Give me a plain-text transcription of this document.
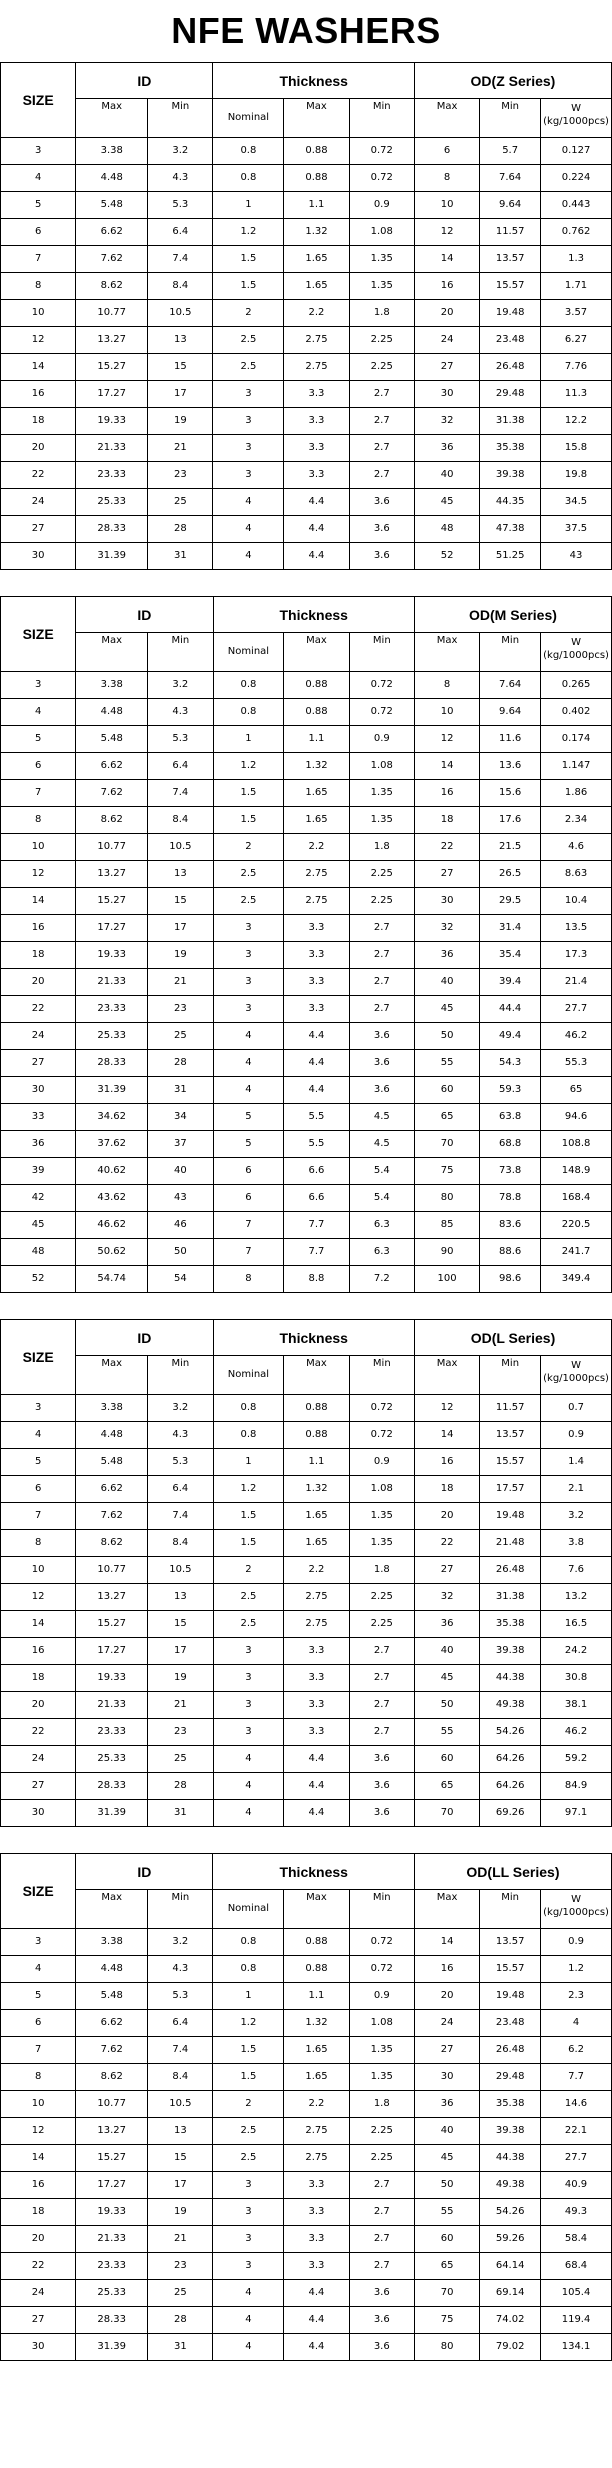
NFE WASHERS
SIZE	ID		Thickness			OD(Z Series)		
	Max	Min	Nominal	Max	Min	Max	Min	W
(kg/1000pcs)

3	3.38	3.2	0.8	0.88	0.72	6	5.7	0.127
4	4.48	4.3	0.8	0.88	0.72	8	7.64	0.224
5	5.48	5.3	1	1.1	0.9	10	9.64	0.443
6	6.62	6.4	1.2	1.32	1.08	12	11.57	0.762
7	7.62	7.4	1.5	1.65	1.35	14	13.57	1.3
8	8.62	8.4	1.5	1.65	1.35	16	15.57	1.71
10	10.77	10.5	2	2.2	1.8	20	19.48	3.57
12	13.27	13	2.5	2.75	2.25	24	23.48	6.27
14	15.27	15	2.5	2.75	2.25	27	26.48	7.76
16	17.27	17	3	3.3	2.7	30	29.48	11.3
18	19.33	19	3	3.3	2.7	32	31.38	12.2
20	21.33	21	3	3.3	2.7	36	35.38	15.8
22	23.33	23	3	3.3	2.7	40	39.38	19.8
24	25.33	25	4	4.4	3.6	45	44.35	34.5
27	28.33	28	4	4.4	3.6	48	47.38	37.5
30	31.39	31	4	4.4	3.6	52	51.25	43
SIZE	ID		Thickness			OD(M Series)		
	Max	Min	Nominal	Max	Min	Max	Min	W
(kg/1000pcs)

3	3.38	3.2	0.8	0.88	0.72	8	7.64	0.265
4	4.48	4.3	0.8	0.88	0.72	10	9.64	0.402
5	5.48	5.3	1	1.1	0.9	12	11.6	0.174
6	6.62	6.4	1.2	1.32	1.08	14	13.6	1.147
7	7.62	7.4	1.5	1.65	1.35	16	15.6	1.86
8	8.62	8.4	1.5	1.65	1.35	18	17.6	2.34
10	10.77	10.5	2	2.2	1.8	22	21.5	4.6
12	13.27	13	2.5	2.75	2.25	27	26.5	8.63
14	15.27	15	2.5	2.75	2.25	30	29.5	10.4
16	17.27	17	3	3.3	2.7	32	31.4	13.5
18	19.33	19	3	3.3	2.7	36	35.4	17.3
20	21.33	21	3	3.3	2.7	40	39.4	21.4
22	23.33	23	3	3.3	2.7	45	44.4	27.7
24	25.33	25	4	4.4	3.6	50	49.4	46.2
27	28.33	28	4	4.4	3.6	55	54.3	55.3
30	31.39	31	4	4.4	3.6	60	59.3	65
33	34.62	34	5	5.5	4.5	65	63.8	94.6
36	37.62	37	5	5.5	4.5	70	68.8	108.8
39	40.62	40	6	6.6	5.4	75	73.8	148.9
42	43.62	43	6	6.6	5.4	80	78.8	168.4
45	46.62	46	7	7.7	6.3	85	83.6	220.5
48	50.62	50	7	7.7	6.3	90	88.6	241.7
52	54.74	54	8	8.8	7.2	100	98.6	349.4
SIZE	ID		Thickness			OD(L Series)		
	Max	Min	Nominal	Max	Min	Max	Min	W
(kg/1000pcs)

3	3.38	3.2	0.8	0.88	0.72	12	11.57	0.7
4	4.48	4.3	0.8	0.88	0.72	14	13.57	0.9
5	5.48	5.3	1	1.1	0.9	16	15.57	1.4
6	6.62	6.4	1.2	1.32	1.08	18	17.57	2.1
7	7.62	7.4	1.5	1.65	1.35	20	19.48	3.2
8	8.62	8.4	1.5	1.65	1.35	22	21.48	3.8
10	10.77	10.5	2	2.2	1.8	27	26.48	7.6
12	13.27	13	2.5	2.75	2.25	32	31.38	13.2
14	15.27	15	2.5	2.75	2.25	36	35.38	16.5
16	17.27	17	3	3.3	2.7	40	39.38	24.2
18	19.33	19	3	3.3	2.7	45	44.38	30.8
20	21.33	21	3	3.3	2.7	50	49.38	38.1
22	23.33	23	3	3.3	2.7	55	54.26	46.2
24	25.33	25	4	4.4	3.6	60	64.26	59.2
27	28.33	28	4	4.4	3.6	65	64.26	84.9
30	31.39	31	4	4.4	3.6	70	69.26	97.1
SIZE	ID		Thickness			OD(LL Series)		
	Max	Min	Nominal	Max	Min	Max	Min	W
(kg/1000pcs)

3	3.38	3.2	0.8	0.88	0.72	14	13.57	0.9
4	4.48	4.3	0.8	0.88	0.72	16	15.57	1.2
5	5.48	5.3	1	1.1	0.9	20	19.48	2.3
6	6.62	6.4	1.2	1.32	1.08	24	23.48	4
7	7.62	7.4	1.5	1.65	1.35	27	26.48	6.2
8	8.62	8.4	1.5	1.65	1.35	30	29.48	7.7
10	10.77	10.5	2	2.2	1.8	36	35.38	14.6
12	13.27	13	2.5	2.75	2.25	40	39.38	22.1
14	15.27	15	2.5	2.75	2.25	45	44.38	27.7
16	17.27	17	3	3.3	2.7	50	49.38	40.9
18	19.33	19	3	3.3	2.7	55	54.26	49.3
20	21.33	21	3	3.3	2.7	60	59.26	58.4
22	23.33	23	3	3.3	2.7	65	64.14	68.4
24	25.33	25	4	4.4	3.6	70	69.14	105.4
27	28.33	28	4	4.4	3.6	75	74.02	119.4
30	31.39	31	4	4.4	3.6	80	79.02	134.1
